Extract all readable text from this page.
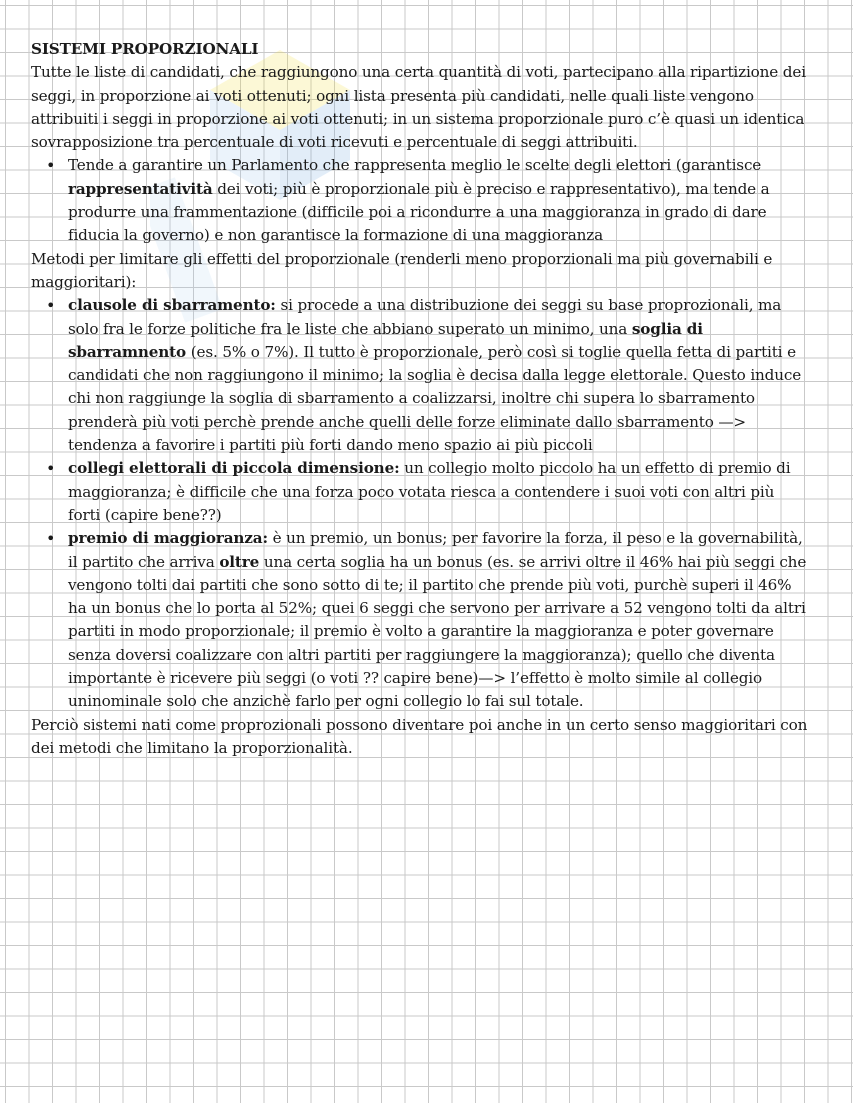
SISTEMI PROPORZIONALI

Tutte le liste di candidati, che raggiungono una certa quantità di voti, partecipano alla ripartizione dei seggi, in proporzione ai voti ottenuti; ogni lista presenta più candidati, nelle quali liste vengono attribuiti i seggi in proporzione ai voti ottenuti; in un sistema proporzionale puro c’è quasi un identica sovrapposizione tra percentuale di voti ricevuti e percentuale di seggi attribuiti.

• Tende a garantire un Parlamento che rappresenta meglio le scelte degli elettori (garantisce rappresentatività dei voti; più è proporzionale più è preciso e rappresentativo), ma tende a produrre una frammentazione (difficile poi a ricondurre a una maggioranza in grado di dare fiducia la governo) e non garantisce la formazione di una maggioranza

Metodi per limitare gli effetti del proporzionale (renderli meno proporzionali ma più governabili e maggioritari):

• clausole di sbarramento: si procede a una distribuzione dei seggi su base proprozionali, ma solo fra le forze politiche fra le liste che abbiano superato un minimo, una soglia di sbarramnento (es. 5% o 7%). Il tutto è proporzionale, però così si toglie quella fetta di partiti e candidati che non raggiungono il minimo; la soglia è decisa dalla legge elettorale. Questo induce chi non raggiunge la soglia di sbarramento a coalizzarsi, inoltre chi supera lo sbarramento prenderà più voti perchè prende anche quelli delle forze eliminate dallo sbarramento —> tendenza a favorire i partiti più forti dando meno spazio ai più piccoli
• collegi elettorali di piccola dimensione: un collegio molto piccolo ha un effetto di premio di maggioranza; è difficile che una forza poco votata riesca a contendere i suoi voti con altri più forti (capire bene??)
• premio di maggioranza: è un premio, un bonus; per favorire la forza, il peso e la governabilità, il partito che arriva oltre una certa soglia ha un bonus (es. se arrivi oltre il 46% hai più seggi che vengono tolti dai partiti che sono sotto di te; il partito che prende più voti, purchè superi il 46% ha un bonus che lo porta al 52%; quei 6 seggi che servono per arrivare a 52 vengono tolti da altri partiti in modo proporzionale; il premio è volto a garantire la maggioranza e poter governare senza doversi coalizzare con altri partiti per raggiungere la maggioranza); quello che diventa importante è ricevere più seggi (o voti ?? capire bene)—> l’effetto è molto simile al collegio uninominale solo che anzichè farlo per ogni collegio lo fai sul totale.

Perciò sistemi nati come proprozionali possono diventare poi anche in un certo senso maggioritari con dei metodi che limitano la proporzionalità.
